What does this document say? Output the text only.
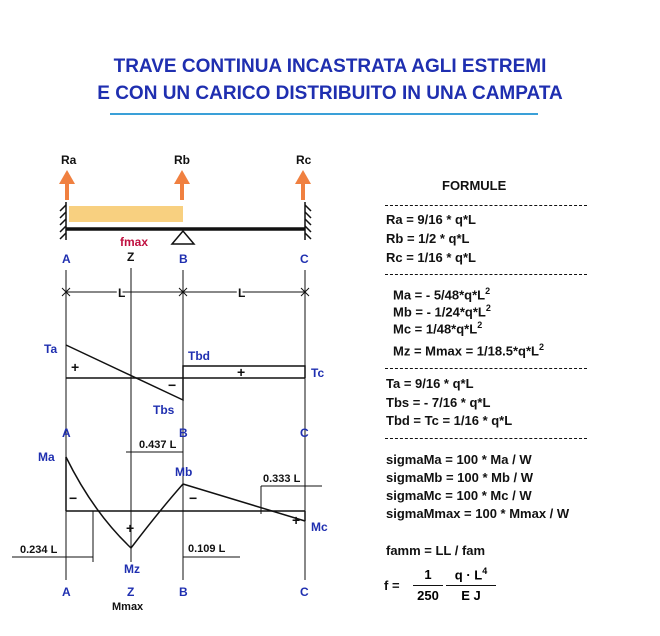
TRAVE CONTINUA INCASTRATA AGLI ESTREMI
E CON UN CARICO DISTRIBUITO IN UNA CAMPATA
Ra	Rb	Rc
fmax
A	Z	B	C
L	L
Ta	Tbd
Tbs
Tc
+
−
+
A	B	C
0.437 L
Ma
Mb
Mc
Mz
Mmax
−
+
−
+
0.234 L	0.109 L
0.333 L
A	Z	B	C
FORMULE
Ra = 9/16 * q*L
Rb = 1/2 * q*L
Rc = 1/16 * q*L
Ma = - $5/48*q*L^2$
Mb = - $1/24*q*L^2$
$Mc = 1/48*q*L^2$
$Mz = Mmax = 1/18.5*q*L^2$
Ta = 9/16 * q*L
Tbs = - 7/16 * q*L
Tbd = Tc = 1/16 * q*L
sigmaMa = 100 * Ma / W
sigmaMb = 100 * Mb / W
sigmaMc = 100 * Mc / W
sigmaMmax = 100 * Mmax / W
famm = LL / fam
f =
1
250
$q \cdot L^4$
E J
